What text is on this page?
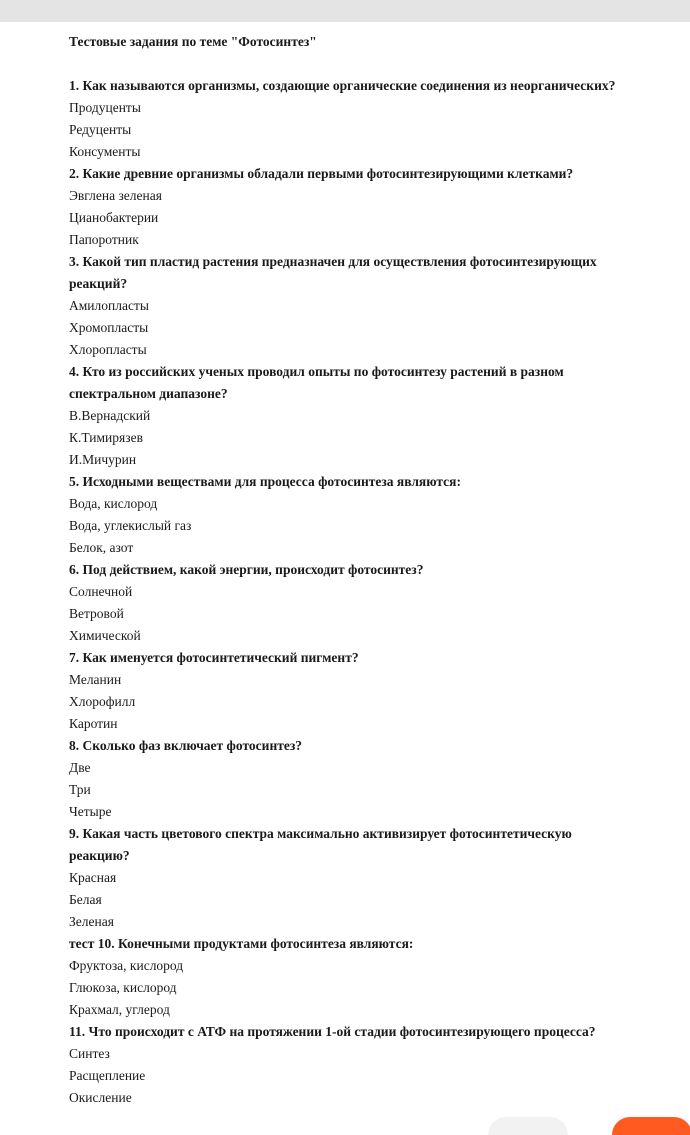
Тестовые задания по теме "Фотосинтез"
1. Как называются организмы, создающие органические соединения из неорганических?
Продуценты
Редуценты
Консументы
2. Какие древние организмы обладали первыми фотосинтезирующими клетками?
Эвглена зеленая
Цианобактерии
Папоротник
3. Какой тип пластид растения предназначен для осуществления фотосинтезирующих реакций?
Амилопласты
Хромопласты
Хлоропласты
4. Кто из российских ученых проводил опыты по фотосинтезу растений в разном спектральном диапазоне?
В.Вернадский
К.Тимирязев
И.Мичурин
5. Исходными веществами для процесса фотосинтеза являются:
Вода, кислород
Вода, углекислый газ
Белок, азот
6. Под действием, какой энергии, происходит фотосинтез?
Солнечной
Ветровой
Химической
7. Как именуется фотосинтетический пигмент?
Меланин
Хлорофилл
Каротин
8. Сколько фаз включает фотосинтез?
Две
Три
Четыре
9. Какая часть цветового спектра максимально активизирует фотосинтетическую реакцию?
Красная
Белая
Зеленая
тест 10. Конечными продуктами фотосинтеза являются:
Фруктоза, кислород
Глюкоза, кислород
Крахмал, углерод
11. Что происходит с АТФ на протяжении 1-ой стадии фотосинтезирующего процесса?
Синтез
Расщепление
Окисление
